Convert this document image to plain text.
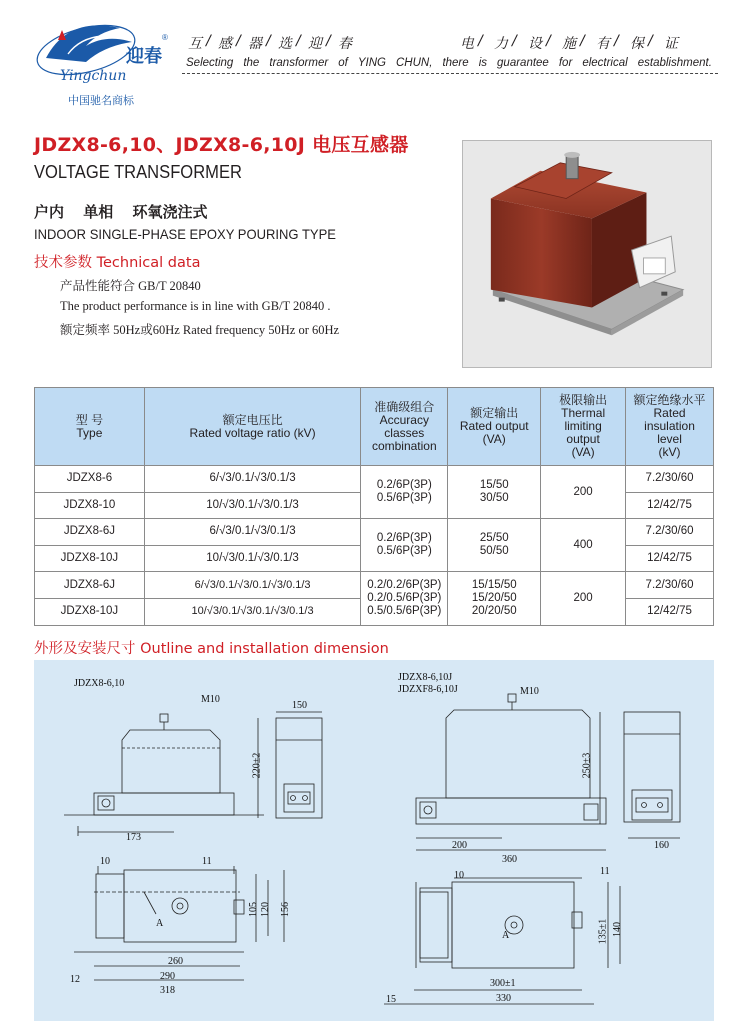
Yingchun
迎春
®
中国驰名商标
互 / 感 / 器 / 选 / 迎 / 春	电 / 力 / 设 / 施 / 有 / 保 / 证
Selecting the transformer of YING CHUN, there is guarantee for electrical establishment.
JDZX8-6,10、JDZX8-6,10J 电压互感器
VOLTAGE TRANSFORMER
户内 单相 环氧浇注式
INDOOR SINGLE-PHASE EPOXY POURING TYPE
技术参数 Technical data
产品性能符合 GB/T 20840
The product performance is in line with GB/T 20840 .
额定频率 50Hz或60Hz Rated frequency 50Hz or 60Hz
型 号
Type	额定电压比
Rated voltage ratio (kV)	准确级组合
Accuracy
classes
combination	额定输出
Rated output
(VA)	极限输出
Thermal
limiting
output
(VA)	额定绝缘水平
Rated
insulation
level
(kV)

JDZX8-6	6/√3/0.1/√3/0.1/3	0.2/6P(3P)
0.5/6P(3P)	15/50
30/50	200	7.2/30/60
JDZX8-10	10/√3/0.1/√3/0.1/3				12/42/75
JDZX8-6J	6/√3/0.1/√3/0.1/3	0.2/6P(3P)
0.5/6P(3P)	25/50
50/50	400	7.2/30/60
JDZX8-10J	10/√3/0.1/√3/0.1/3				12/42/75
JDZX8-6J	6/√3/0.1/√3/0.1/√3/0.1/3	0.2/0.2/6P(3P)
0.2/0.5/6P(3P)
0.5/0.5/6P(3P)	15/15/50
15/20/50
20/20/50	200	7.2/30/60
JDZX8-10J	10/√3/0.1/√3/0.1/√3/0.1/3				12/42/75
外形及安装尺寸 Outline and installation dimension
JDZX8-6,10
M10
150
220±2
173
10	11
105 120 156
A
12
260
290
318
JDZX8-6,10J
JDZXF8-6,10J	M10
250±3
200
360
160
10	11
135±1 140
A
15
300±1
330
